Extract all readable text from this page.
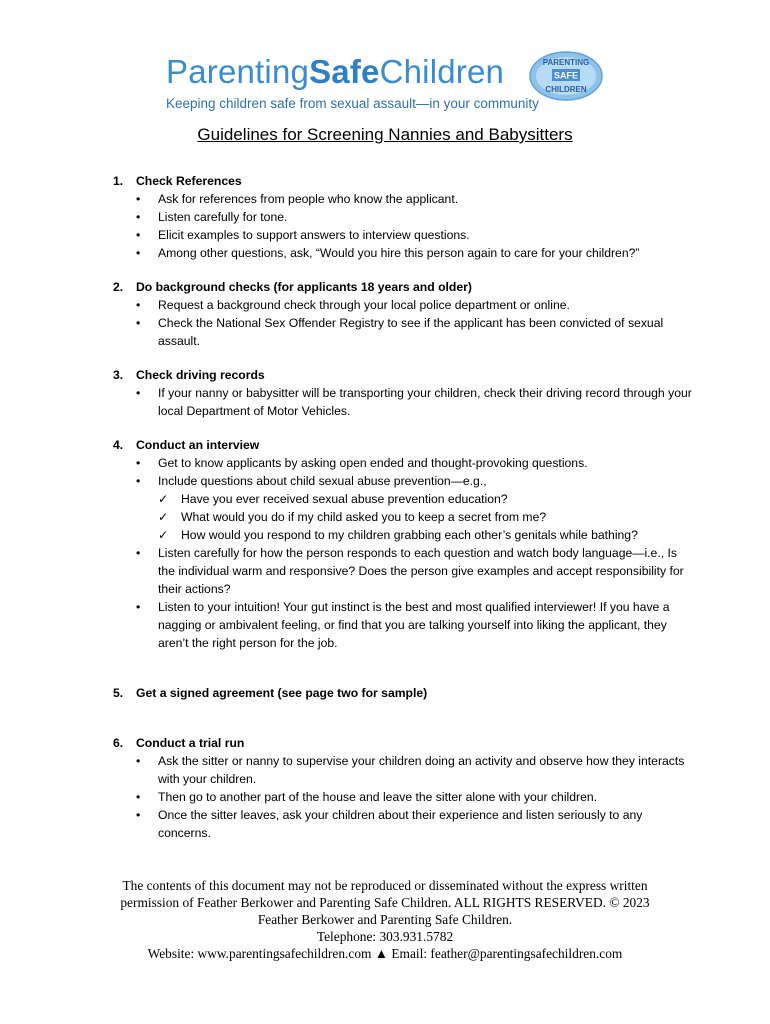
ParentingSafeChildren
Keeping children safe from sexual assault—in your community
PARENTING
SAFE
CHILDREN
Guidelines for Screening Nannies and Babysitters
1.	Check References
• Ask for references from people who know the applicant.
• Listen carefully for tone.
• Elicit examples to support answers to interview questions.
• Among other questions, ask, “Would you hire this person again to care for your children?”
2.	Do background checks (for applicants 18 years and older)
• Request a background check through your local police department or online.
• Check the National Sex Offender Registry to see if the applicant has been convicted of sexual assault.
3.	Check driving records
• If your nanny or babysitter will be transporting your children, check their driving record through your local Department of Motor Vehicles.
4.	Conduct an interview
• Get to know applicants by asking open ended and thought-provoking questions.
• Include questions about child sexual abuse prevention—e.g.,
✓ Have you ever received sexual abuse prevention education?
✓ What would you do if my child asked you to keep a secret from me?
✓ How would you respond to my children grabbing each other’s genitals while bathing?
• Listen carefully for how the person responds to each question and watch body language—i.e., Is the individual warm and responsive? Does the person give examples and accept responsibility for their actions?
• Listen to your intuition! Your gut instinct is the best and most qualified interviewer! If you have a nagging or ambivalent feeling, or find that you are talking yourself into liking the applicant, they aren’t the right person for the job.
5.	Get a signed agreement (see page two for sample)
6.	Conduct a trial run
• Ask the sitter or nanny to supervise your children doing an activity and observe how they interacts with your children.
• Then go to another part of the house and leave the sitter alone with your children.
• Once the sitter leaves, ask your children about their experience and listen seriously to any concerns.
The contents of this document may not be reproduced or disseminated without the express written
permission of Feather Berkower and Parenting Safe Children. ALL RIGHTS RESERVED. © 2023
Feather Berkower and Parenting Safe Children.
Telephone: 303.931.5782
Website: www.parentingsafechildren.com ▲ Email: feather@parentingsafechildren.com
